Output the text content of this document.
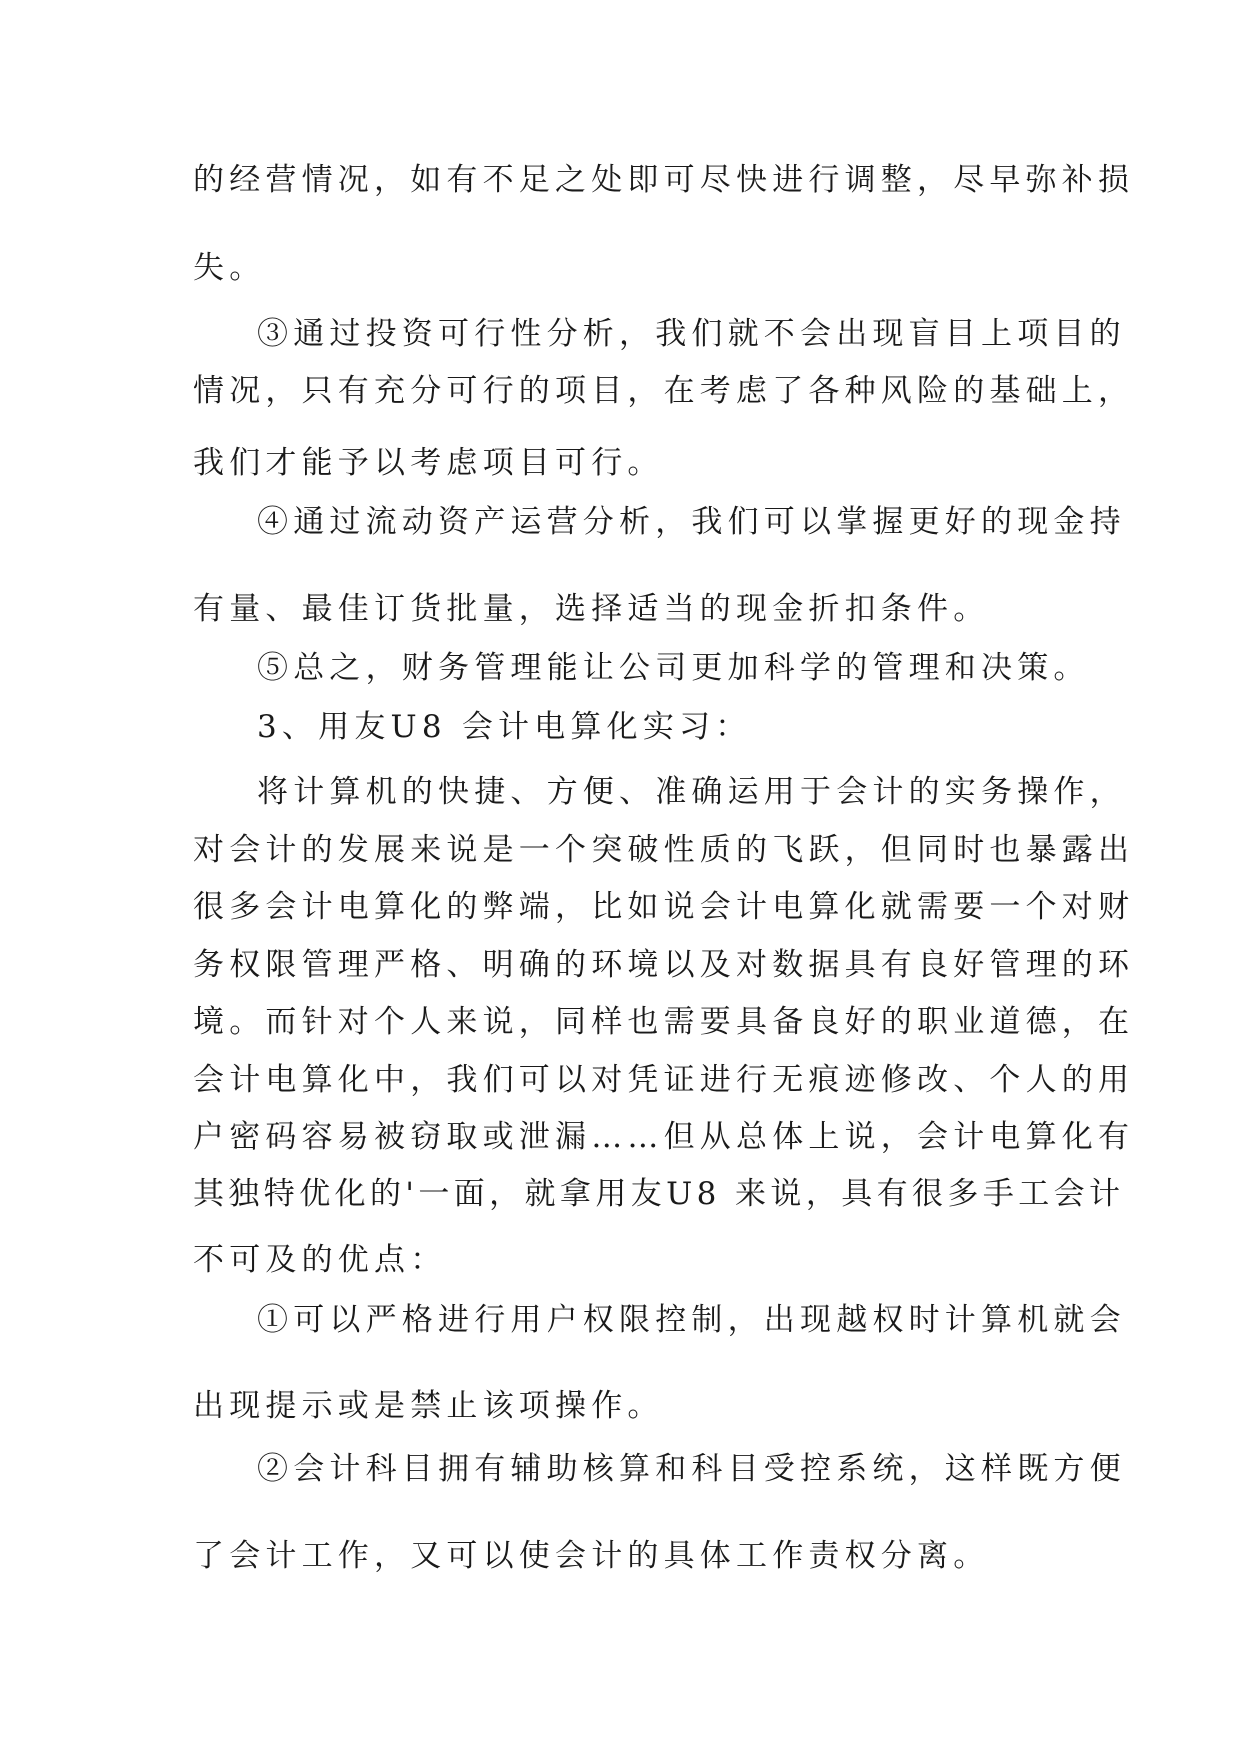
的经营情况，如有不足之处即可尽快进行调整，尽早弥补损

失。

③通过投资可行性分析，我们就不会出现盲目上项目的

情况，只有充分可行的项目，在考虑了各种风险的基础上，

我们才能予以考虑项目可行。

④通过流动资产运营分析，我们可以掌握更好的现金持

有量、最佳订货批量，选择适当的现金折扣条件。

⑤总之，财务管理能让公司更加科学的管理和决策。

3、用友U8 会计电算化实习：

将计算机的快捷、方便、准确运用于会计的实务操作，

对会计的发展来说是一个突破性质的飞跃，但同时也暴露出

很多会计电算化的弊端，比如说会计电算化就需要一个对财

务权限管理严格、明确的环境以及对数据具有良好管理的环

境。而针对个人来说，同样也需要具备良好的职业道德，在

会计电算化中，我们可以对凭证进行无痕迹修改、个人的用

户密码容易被窃取或泄漏……但从总体上说，会计电算化有

其独特优化的'一面，就拿用友U8 来说，具有很多手工会计

不可及的优点：

①可以严格进行用户权限控制，出现越权时计算机就会

出现提示或是禁止该项操作。

②会计科目拥有辅助核算和科目受控系统，这样既方便

了会计工作，又可以使会计的具体工作责权分离。
